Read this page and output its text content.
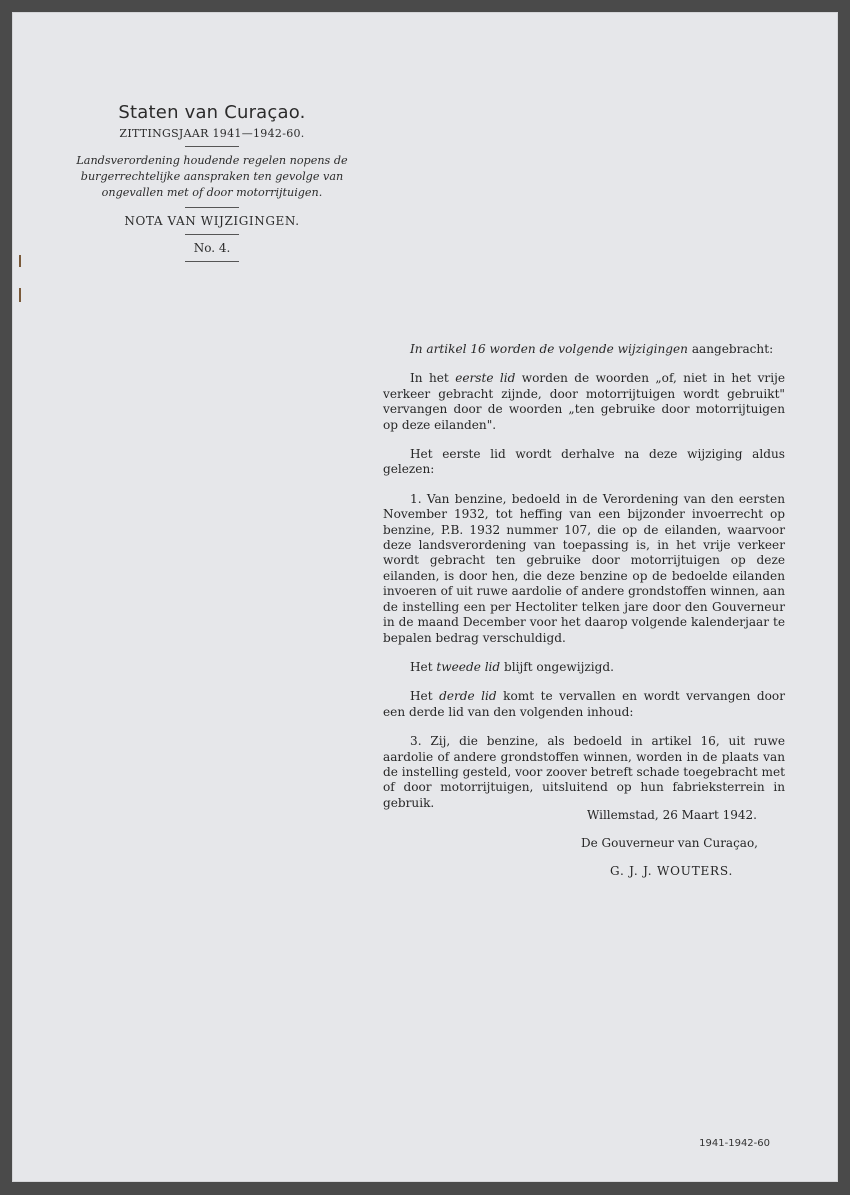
Staten van Curaçao.
ZITTINGSJAAR 1941—1942-60.
Landsverordening houdende regelen nopens de burgerrechtelijke aanspraken ten gevolge van ongevallen met of door motorrijtuigen.
NOTA VAN WIJZIGINGEN.
No. 4.

In artikel 16 worden de volgende wijzigingen aangebracht:

In het eerste lid worden de woorden „of, niet in het vrije verkeer gebracht zijnde, door motorrijtuigen wordt gebruikt" vervangen door de woorden „ten gebruike door motorrijtuigen op deze eilanden".

Het eerste lid wordt derhalve na deze wijziging aldus gelezen:

1. Van benzine, bedoeld in de Verordening van den eersten November 1932, tot heffing van een bijzonder invoerrecht op benzine, P.B. 1932 nummer 107, die op de eilanden, waarvoor deze landsverordening van toepassing is, in het vrije verkeer wordt gebracht ten gebruike door motorrijtuigen op deze eilanden, is door hen, die deze benzine op de bedoelde eilanden invoeren of uit ruwe aardolie of andere grondstoffen winnen, aan de instelling een per Hectoliter telken jare door den Gouverneur in de maand December voor het daarop volgende kalenderjaar te bepalen bedrag verschuldigd.

Het tweede lid blijft ongewijzigd.

Het derde lid komt te vervallen en wordt vervangen door een derde lid van den volgenden inhoud:

3. Zij, die benzine, als bedoeld in artikel 16, uit ruwe aardolie of andere grondstoffen winnen, worden in de plaats van de instelling gesteld, voor zoover betreft schade toegebracht met of door motorrijtuigen, uitsluitend op hun fabrieksterrein in gebruik.

Willemstad, 26 Maart 1942.
De Gouverneur van Curaçao,
G. J. J. WOUTERS.
1941-1942-60
